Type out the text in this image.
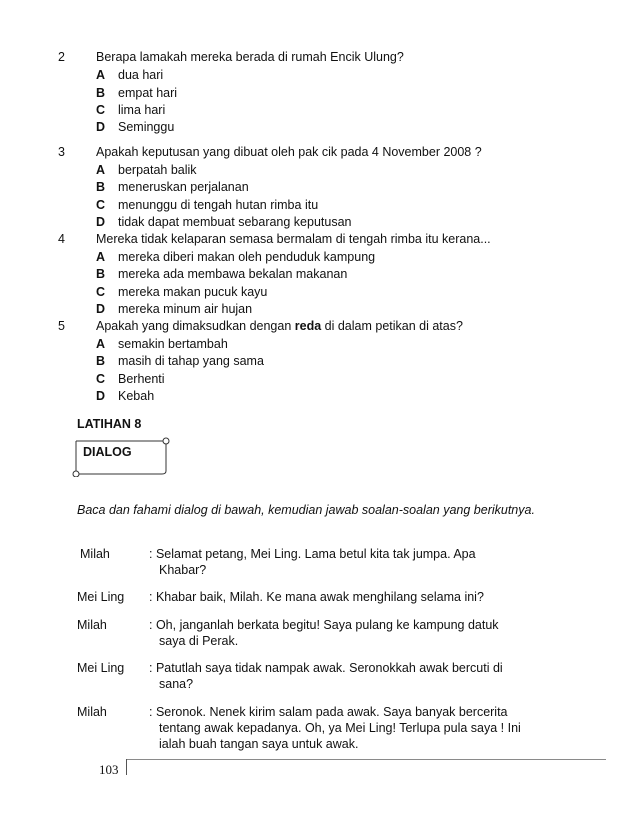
2 Berapa lamakah mereka berada di rumah Encik Ulung?
A dua hari
B empat hari
C lima hari
D Seminggu
3 Apakah keputusan yang dibuat oleh pak cik pada 4 November 2008 ?
A berpatah balik
B meneruskan perjalanan
C menunggu di tengah hutan rimba itu
D tidak dapat membuat sebarang keputusan
4 Mereka tidak kelaparan semasa bermalam di tengah rimba itu kerana...
A mereka diberi makan oleh penduduk kampung
B mereka ada membawa bekalan makanan
C mereka makan pucuk kayu
D mereka minum air hujan
5 Apakah yang dimaksudkan dengan reda di dalam petikan di atas?
A semakin bertambah
B masih di tahap yang sama
C Berhenti
D Kebah
LATIHAN 8
DIALOG
Baca dan fahami dialog di bawah, kemudian jawab soalan-soalan yang berikutnya.
Milah	: Selamat petang, Mei Ling. Lama betul kita tak jumpa. Apa
Khabar?
Mei Ling : Khabar baik, Milah. Ke mana awak menghilang selama ini?
Milah	: Oh, janganlah berkata begitu! Saya pulang ke kampung datuk
saya di Perak.
Mei Ling : Patutlah saya tidak nampak awak. Seronokkah awak bercuti di
sana?
Milah	: Seronok. Nenek kirim salam pada awak. Saya banyak bercerita
tentang awak kepadanya. Oh, ya Mei Ling! Terlupa pula saya ! Ini
ialah buah tangan saya untuk awak.
103
